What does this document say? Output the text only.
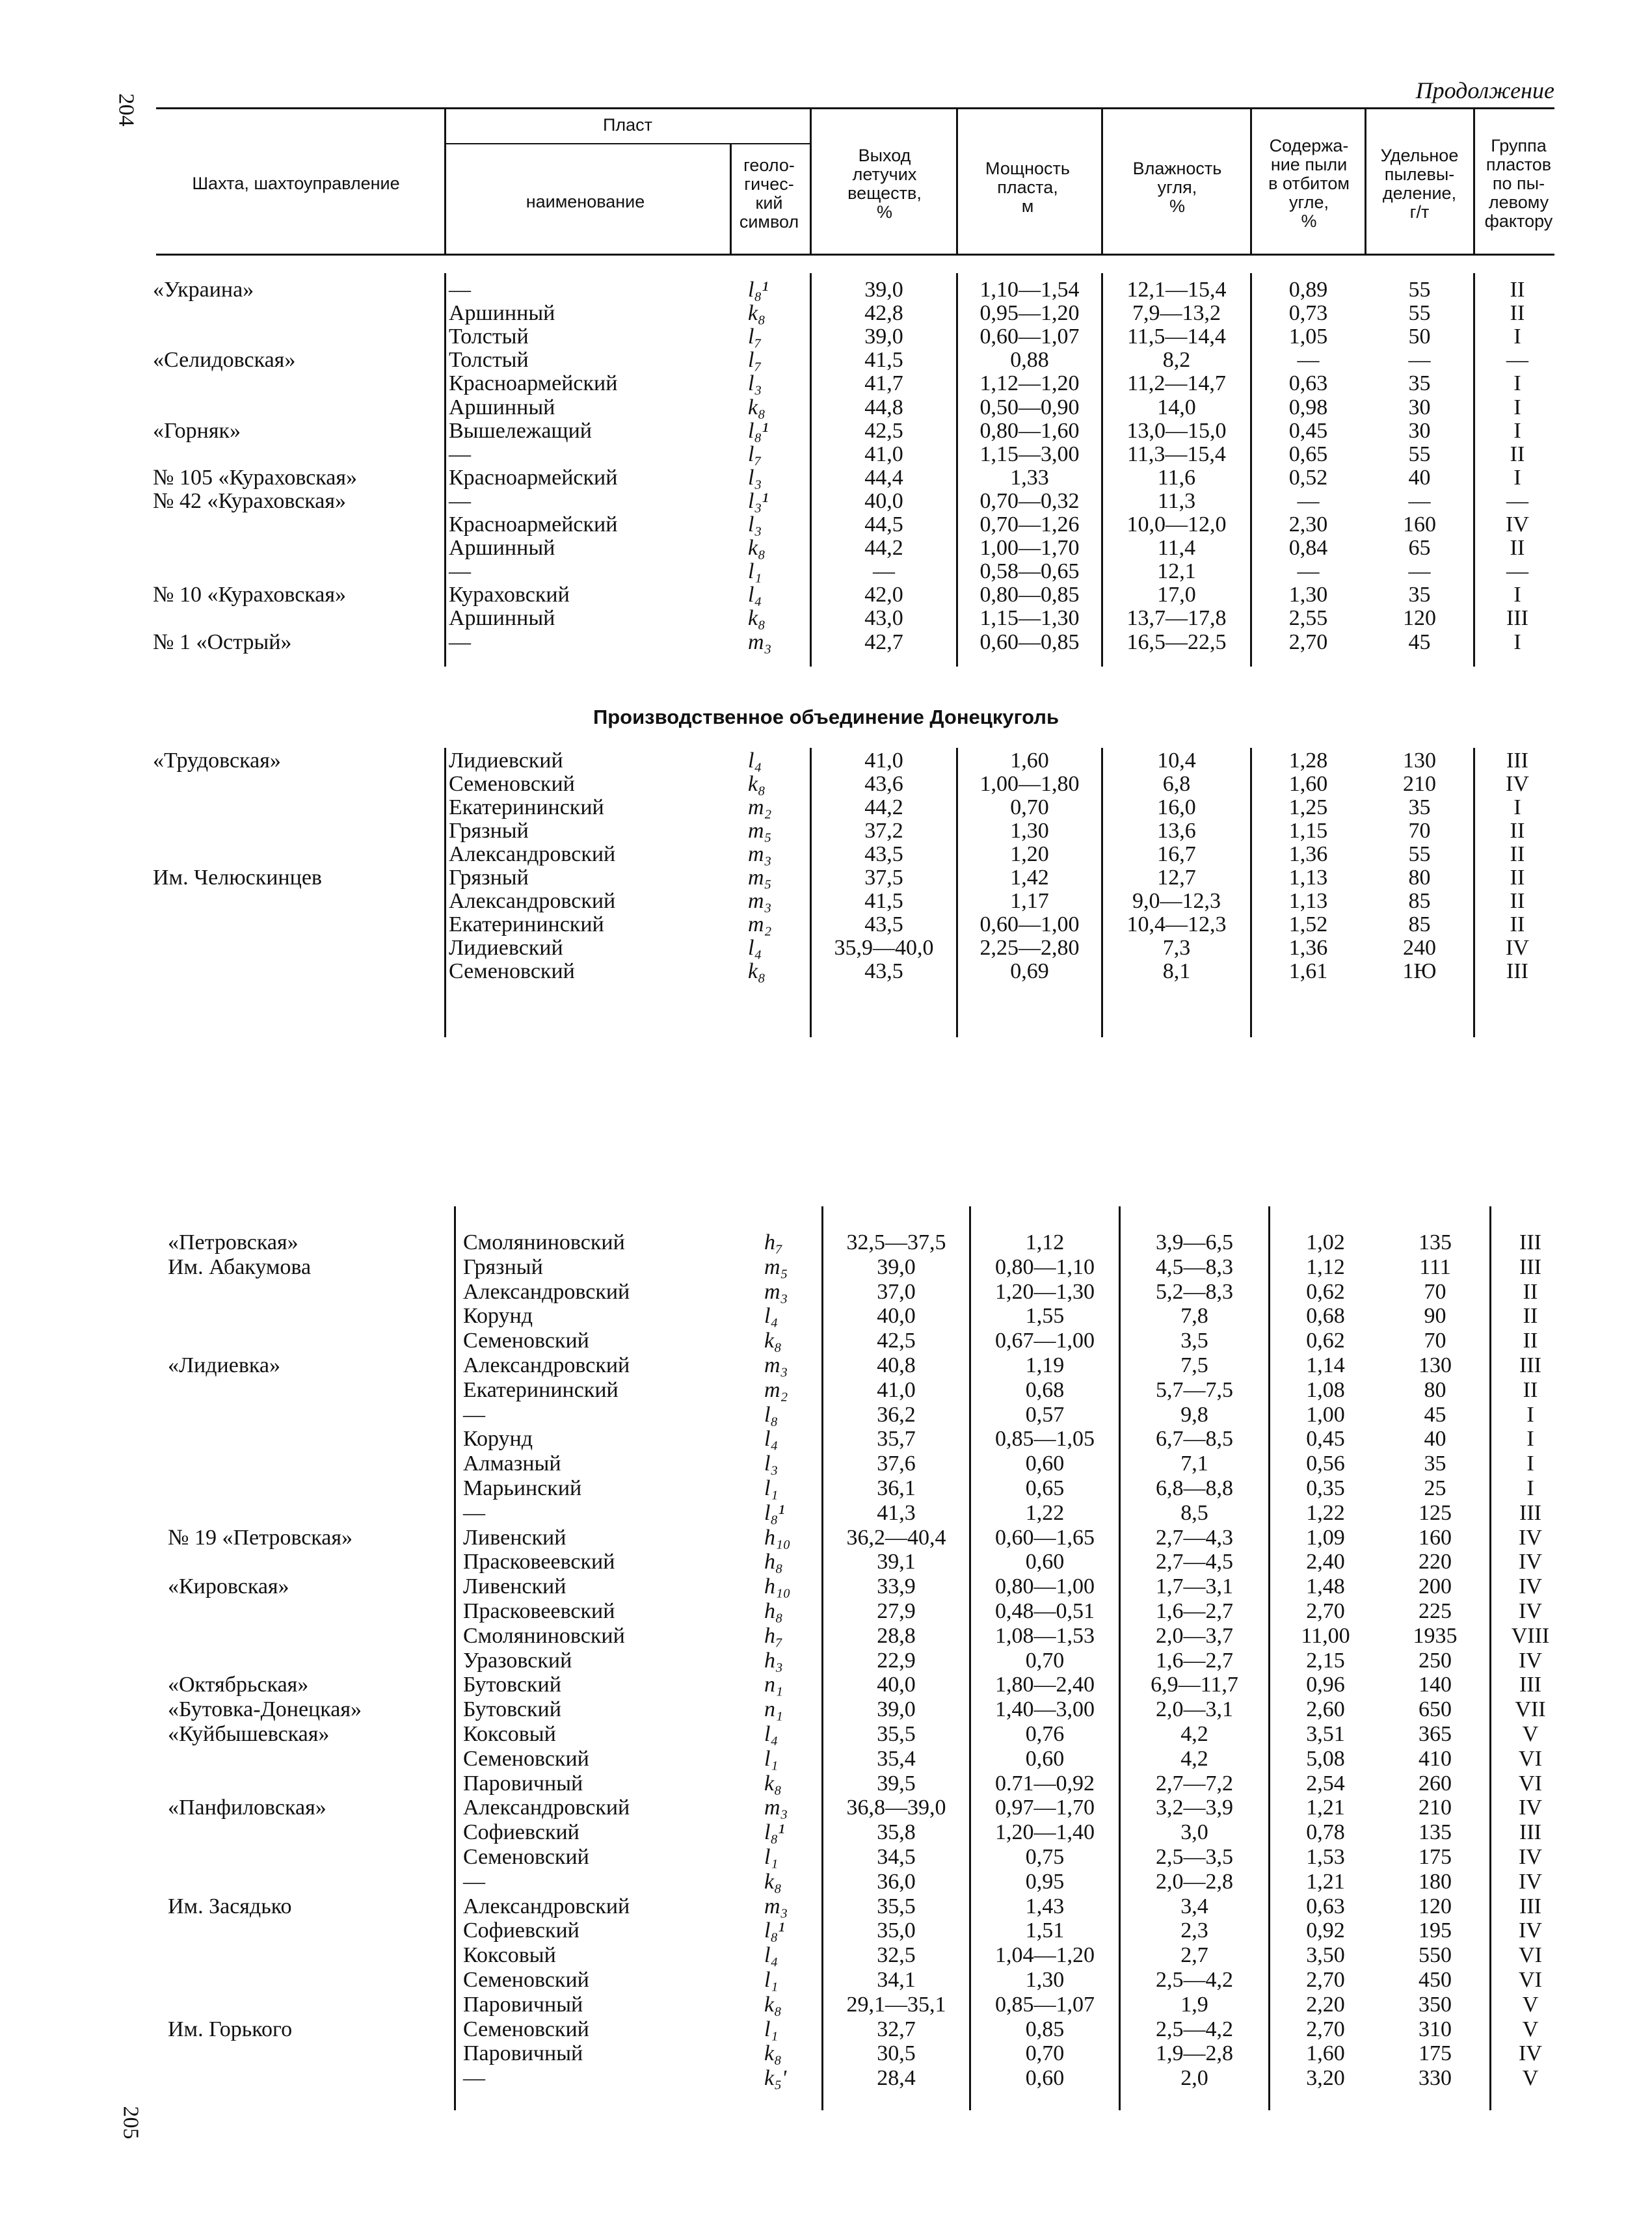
204
205
Продолжение
Шахта, шахтоуправление
Пласт
наименование
геоло-
гичес-
кий
символ
Выход
летучих
веществ,
%
Мощность
пласта,
м
Влажность
угля,
%
Содержа-
ние пыли
в отбитом
угле,
%
Удельное
пылевы-
деление,
г/т
Группа
пластов
по пы-
левому
фактору
«Украина»	—	l₈¹	39,0	1,10—1,54	12,1—15,4	0,89	55	II
Аршинный	k₈	42,8	0,95—1,20	7,9—13,2	0,73	55	II
Толстый	l₇	39,0	0,60—1,07	11,5—14,4	1,05	50	I
«Селидовская»	Толстый	l₇	41,5	0,88	8,2	—	—	—
Красноармейский	l₃	41,7	1,12—1,20	11,2—14,7	0,63	35	I
Аршинный	k₈	44,8	0,50—0,90	14,0	0,98	30	I
«Горняк»	Вышележащий	l₈¹	42,5	0,80—1,60	13,0—15,0	0,45	30	I
—	l₇	41,0	1,15—3,00	11,3—15,4	0,65	55	II
№ 105 «Кураховская»	Красноармейский	l₃	44,4	1,33	11,6	0,52	40	I
№ 42 «Кураховская»	—	l₃¹	40,0	0,70—0,32	11,3	—	—	—
Красноармейский	l₃	44,5	0,70—1,26	10,0—12,0	2,30	160	IV
Аршинный	k₈	44,2	1,00—1,70	11,4	0,84	65	II
—	l₁	—	0,58—0,65	12,1	—	—	—
№ 10 «Кураховская»	Кураховский	l₄	42,0	0,80—0,85	17,0	1,30	35	I
Аршинный	k₈	43,0	1,15—1,30	13,7—17,8	2,55	120	III
№ 1 «Острый»	—	m₃	42,7	0,60—0,85	16,5—22,5	2,70	45	I
Производственное объединение Донецкуголь
«Трудовская»	Лидиевский	l₄	41,0	1,60	10,4	1,28	130	III
Семеновский	k₈	43,6	1,00—1,80	6,8	1,60	210	IV
Екатерининский	m₂	44,2	0,70	16,0	1,25	35	I
Грязный	m₅	37,2	1,30	13,6	1,15	70	II
Александровский	m₃	43,5	1,20	16,7	1,36	55	II
Им. Челюскинцев	Грязный	m₅	37,5	1,42	12,7	1,13	80	II
Александровский	m₃	41,5	1,17	9,0—12,3	1,13	85	II
Екатерининский	m₂	43,5	0,60—1,00	10,4—12,3	1,52	85	II
Лидиевский	l₄	35,9—40,0	2,25—2,80	7,3	1,36	240	IV
Семеновский	k₈	43,5	0,69	8,1	1,61	1Ю	III
«Петровская»	Смоляниновский	h₇	32,5—37,5	1,12	3,9—6,5	1,02	135	III
Им. Абакумова	Грязный	m₅	39,0	0,80—1,10	4,5—8,3	1,12	111	III
Александровский	m₃	37,0	1,20—1,30	5,2—8,3	0,62	70	II
Корунд	l₄	40,0	1,55	7,8	0,68	90	II
Семеновский	k₈	42,5	0,67—1,00	3,5	0,62	70	II
«Лидиевка»	Александровский	m₃	40,8	1,19	7,5	1,14	130	III
Екатерининский	m₂	41,0	0,68	5,7—7,5	1,08	80	II
—	l₈	36,2	0,57	9,8	1,00	45	I
Корунд	l₄	35,7	0,85—1,05	6,7—8,5	0,45	40	I
Алмазный	l₃	37,6	0,60	7,1	0,56	35	I
Марьинский	l₁	36,1	0,65	6,8—8,8	0,35	25	I
—	l₈¹	41,3	1,22	8,5	1,22	125	III
№ 19 «Петровская»	Ливенский	h₁₀	36,2—40,4	0,60—1,65	2,7—4,3	1,09	160	IV
Прасковеевский	h₈	39,1	0,60	2,7—4,5	2,40	220	IV
«Кировская»	Ливенский	h₁₀	33,9	0,80—1,00	1,7—3,1	1,48	200	IV
Прасковеевский	h₈	27,9	0,48—0,51	1,6—2,7	2,70	225	IV
Смоляниновский	h₇	28,8	1,08—1,53	2,0—3,7	11,00	1935	VIII
Уразовский	h₃	22,9	0,70	1,6—2,7	2,15	250	IV
«Октябрьская»	Бутовский	n₁	40,0	1,80—2,40	6,9—11,7	0,96	140	III
«Бутовка-Донецкая»	Бутовский	n₁	39,0	1,40—3,00	2,0—3,1	2,60	650	VII
«Куйбышевская»	Коксовый	l₄	35,5	0,76	4,2	3,51	365	V
Семеновский	l₁	35,4	0,60	4,2	5,08	410	VI
Паровичный	k₈	39,5	0.71—0,92	2,7—7,2	2,54	260	VI
«Панфиловская»	Александровский	m₃	36,8—39,0	0,97—1,70	3,2—3,9	1,21	210	IV
Софиевский	l₈¹	35,8	1,20—1,40	3,0	0,78	135	III
Семеновский	l₁	34,5	0,75	2,5—3,5	1,53	175	IV
—	k₈	36,0	0,95	2,0—2,8	1,21	180	IV
Им. Засядько	Александровский	m₃	35,5	1,43	3,4	0,63	120	III
Софиевский	l₈¹	35,0	1,51	2,3	0,92	195	IV
Коксовый	l₄	32,5	1,04—1,20	2,7	3,50	550	VI
Семеновский	l₁	34,1	1,30	2,5—4,2	2,70	450	VI
Паровичный	k₈	29,1—35,1	0,85—1,07	1,9	2,20	350	V
Им. Горького	Семеновский	l₁	32,7	0,85	2,5—4,2	2,70	310	V
Паровичный	k₈	30,5	0,70	1,9—2,8	1,60	175	IV
—	k₅'	28,4	0,60	2,0	3,20	330	V
